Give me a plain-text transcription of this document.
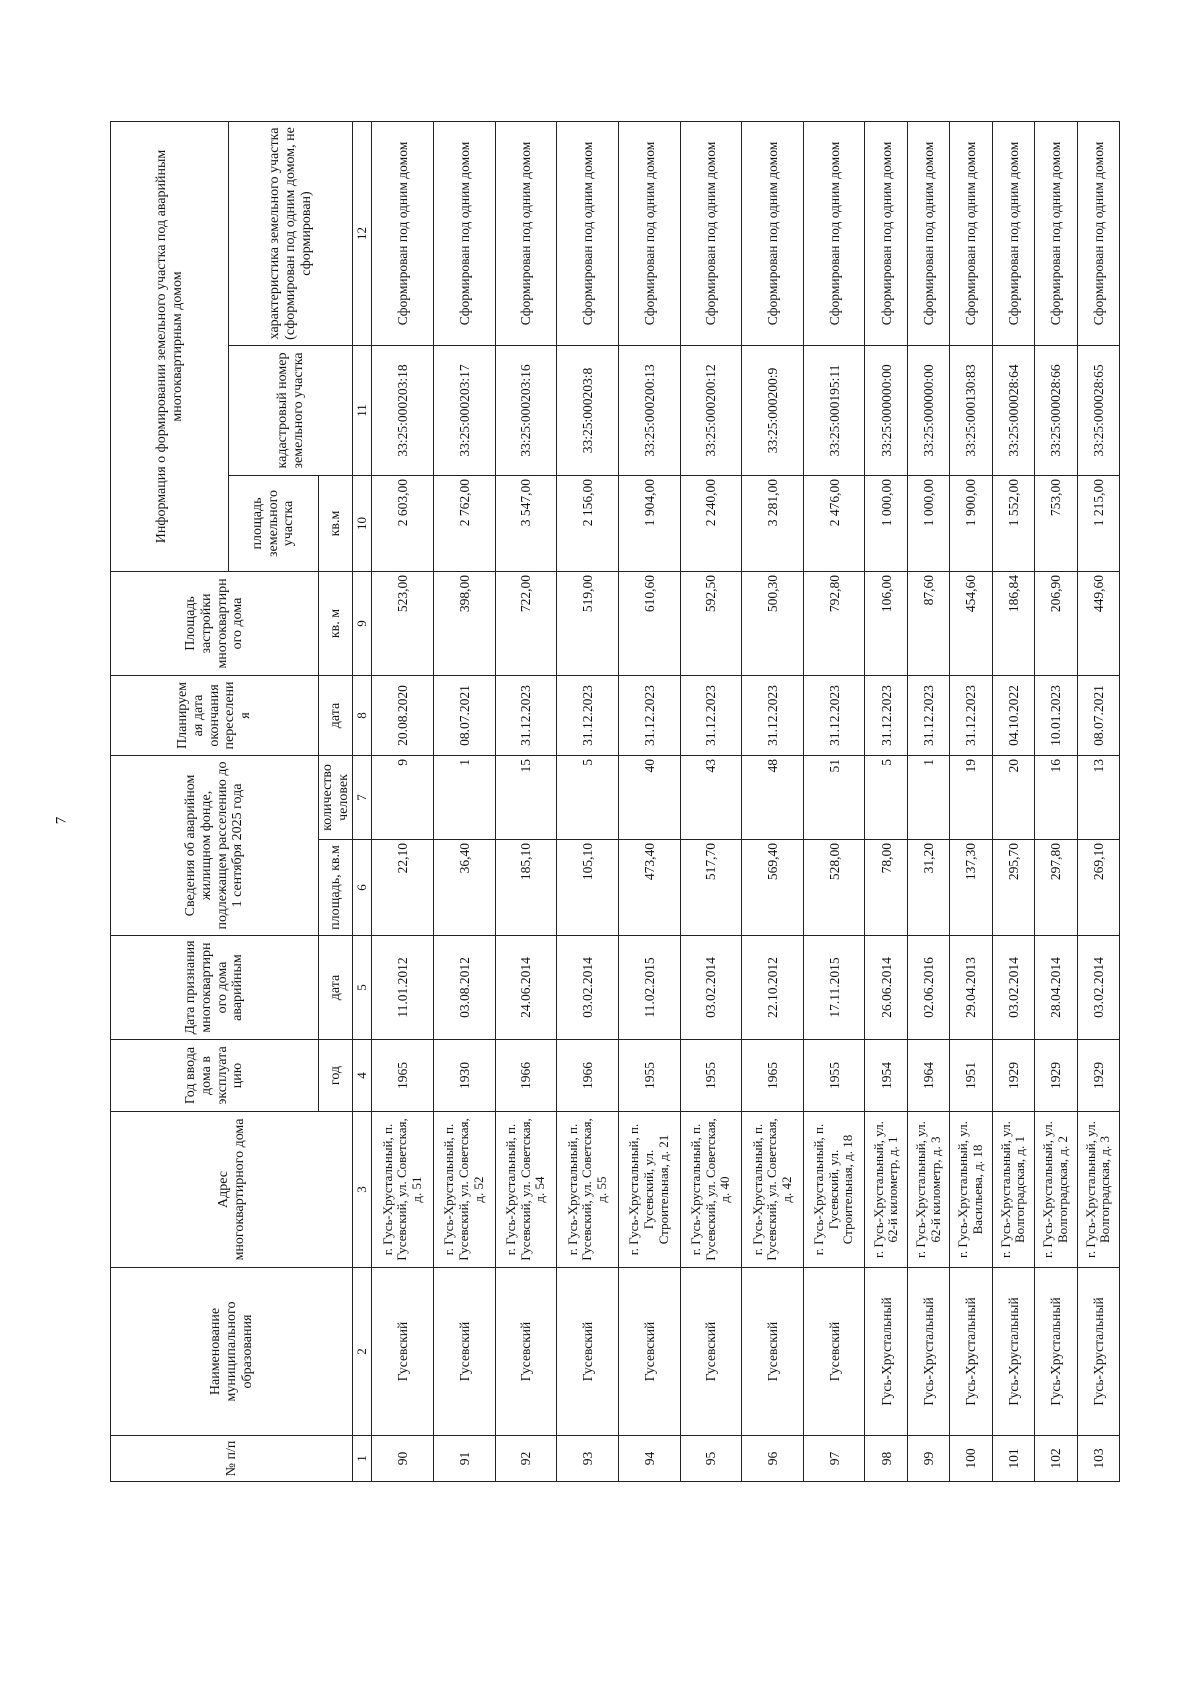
7
№ п/п	Наименование муниципального образования	Адрес многоквартирного дома	Год ввода дома в эксплуатацию	Дата признания многоквартирного дома аварийным	Сведения об аварийном жилищном фонде, подлежащем расселению до 1 сентября 2025 года		Планируемая дата окончания переселения	Площадь застройки многоквартирного дома	Информация о формировании земельного участка под аварийным многоквартирным домом		
									площадь земельного участка	кадастровый номер земельного участка	характеристика земельного участка (сформирован под одним домом, не сформирован)
			год	дата	площадь, кв.м	количество человек	дата	кв. м	кв.м		
1	2	3	4	5	6	7	8	9	10	11	12
90	Гусевский	г. Гусь-Хрустальный, п. Гусевский, ул. Советская, д. 51	1965	11.01.2012	22,10	9	20.08.2020	523,00	2 603,00	33:25:000203:18	Сформирован под одним домом
91	Гусевский	г. Гусь-Хрустальный, п. Гусевский, ул. Советская, д. 52	1930	03.08.2012	36,40	1	08.07.2021	398,00	2 762,00	33:25:000203:17	Сформирован под одним домом
92	Гусевский	г. Гусь-Хрустальный, п. Гусевский, ул. Советская, д. 54	1966	24.06.2014	185,10	15	31.12.2023	722,00	3 547,00	33:25:000203:16	Сформирован под одним домом
93	Гусевский	г. Гусь-Хрустальный, п. Гусевский, ул. Советская, д. 55	1966	03.02.2014	105,10	5	31.12.2023	519,00	2 156,00	33:25:000203:8	Сформирован под одним домом
94	Гусевский	г. Гусь-Хрустальный, п. Гусевский, ул. Строительная, д. 21	1955	11.02.2015	473,40	40	31.12.2023	610,60	1 904,00	33:25:000200:13	Сформирован под одним домом
95	Гусевский	г. Гусь-Хрустальный, п. Гусевский, ул. Советская, д. 40	1955	03.02.2014	517,70	43	31.12.2023	592,50	2 240,00	33:25:000200:12	Сформирован под одним домом
96	Гусевский	г. Гусь-Хрустальный, п. Гусевский, ул. Советская, д. 42	1965	22.10.2012	569,40	48	31.12.2023	500,30	3 281,00	33:25:000200:9	Сформирован под одним домом
97	Гусевский	г. Гусь-Хрустальный, п. Гусевский, ул. Строительная, д. 18	1955	17.11.2015	528,00	51	31.12.2023	792,80	2 476,00	33:25:000195:11	Сформирован под одним домом
98	Гусь-Хрустальный	г. Гусь-Хрустальный, ул. 62-й километр, д. 1	1954	26.06.2014	78,00	5	31.12.2023	106,00	1 000,00	33:25:000000:00	Сформирован под одним домом
99	Гусь-Хрустальный	г. Гусь-Хрустальный, ул. 62-й километр, д. 3	1964	02.06.2016	31,20	1	31.12.2023	87,60	1 000,00	33:25:000000:00	Сформирован под одним домом
100	Гусь-Хрустальный	г. Гусь-Хрустальный, ул. Васильева, д. 18	1951	29.04.2013	137,30	19	31.12.2023	454,60	1 900,00	33:25:000130:83	Сформирован под одним домом
101	Гусь-Хрустальный	г. Гусь-Хрустальный, ул. Волгоградская, д. 1	1929	03.02.2014	295,70	20	04.10.2022	186,84	1 552,00	33:25:000028:64	Сформирован под одним домом
102	Гусь-Хрустальный	г. Гусь-Хрустальный, ул. Волгоградская, д. 2	1929	28.04.2014	297,80	16	10.01.2023	206,90	753,00	33:25:000028:66	Сформирован под одним домом
103	Гусь-Хрустальный	г. Гусь-Хрустальный, ул. Волгоградская, д. 3	1929	03.02.2014	269,10	13	08.07.2021	449,60	1 215,00	33:25:000028:65	Сформирован под одним домом
